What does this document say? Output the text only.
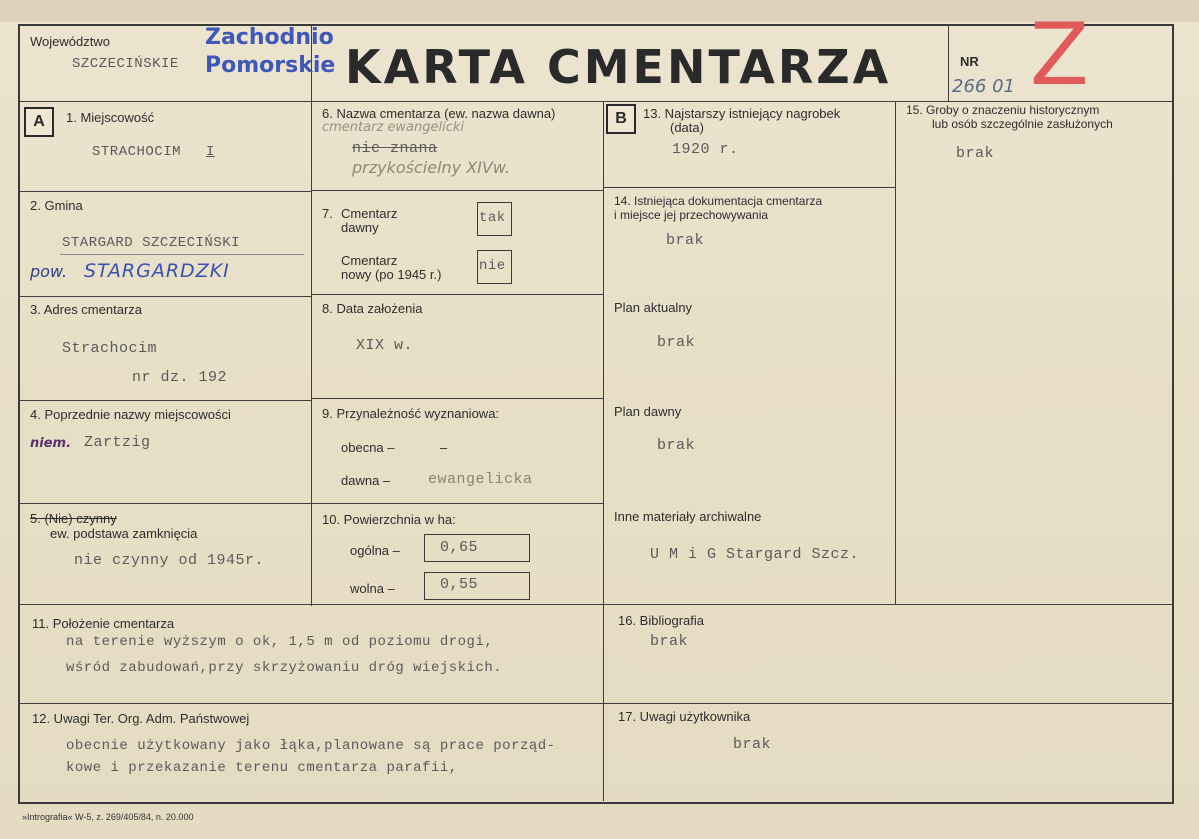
Województwo
SZCZECIŃSKIE
Zachodnio
Pomorskie KARTA CMENTARZA	NR
266 01 Z
A	B
1. Miejscowość
STRACHOCIM I
2. Gmina
STARGARD SZCZECIŃSKI
pow. STARGARDZKI
3. Adres cmentarza
Strachocim
nr dz. 192
4. Poprzednie nazwy miejscowości
niem. Zartzig
5. (Nie) czynny
ew. podstawa zamknięcia
nie czynny od 1945r.
6. Nazwa cmentarza (ew. nazwa dawna)
cmentarz ewangelicki
nie znana
przykościelny XIVw.
7. Cmentarz
dawny
tak
Cmentarz
nowy (po 1945 r.)
nie
8. Data założenia
XIX w.
9. Przynależność wyznaniowa:
obecna –	–
dawna –	ewangelicka
10. Powierzchnia w ha:
ogólna –	0,65
wolna –	0,55
11. Położenie cmentarza
na terenie wyższym o ok, 1,5 m od poziomu drogi,
wśród zabudowań,przy skrzyżowaniu dróg wiejskich.
12. Uwagi Ter. Org. Adm. Państwowej
obecnie użytkowany jako łąka,planowane są prace porząd-
kowe i przekazanie terenu cmentarza parafii,
13. Najstarszy istniejący nagrobek
(data)
1920 r.
14. Istniejąca dokumentacja cmentarza
i miejsce jej przechowywania
brak
Plan aktualny
brak
Plan dawny
brak
Inne materiały archiwalne
U M i G Stargard Szcz.
15. Groby o znaczeniu historycznym
lub osób szczególnie zasłużonych
brak
16. Bibliografia
brak
17. Uwagi użytkownika
brak
»Intrografia« W-5, z. 269/405/84, n. 20.000
